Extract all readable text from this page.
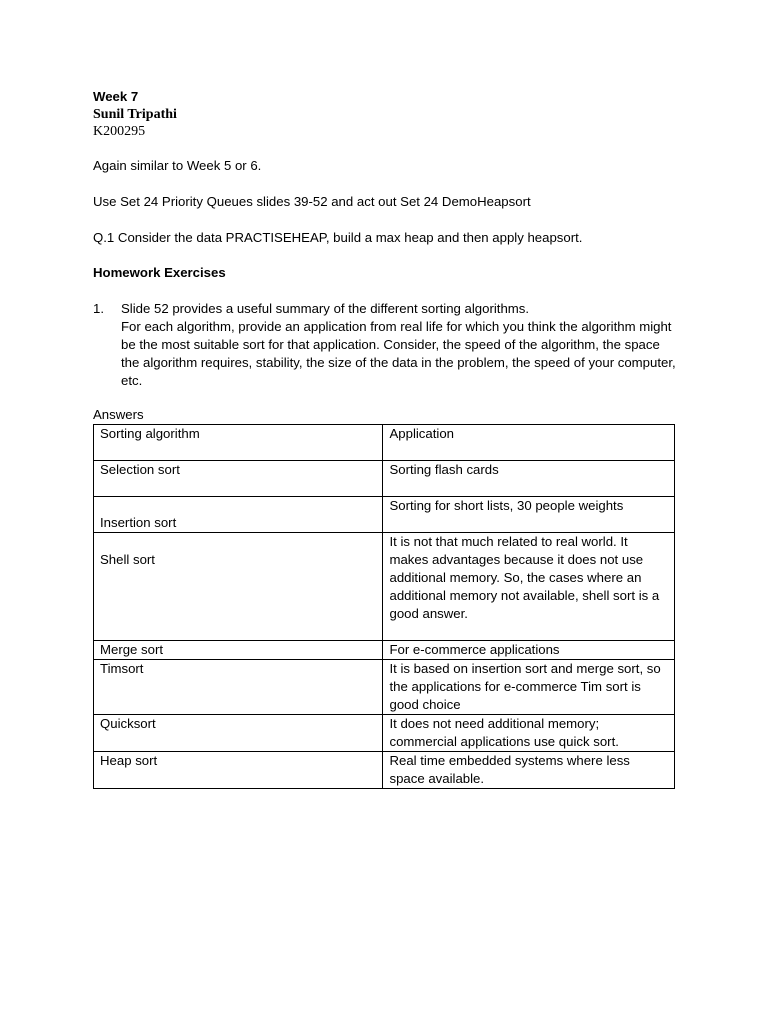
Week 7
Sunil Tripathi
K200295
Again similar to Week 5 or 6.
Use Set 24 Priority Queues slides 39-52 and act out Set 24 DemoHeapsort
Q.1 Consider the data PRACTISEHEAP, build a max heap and then apply heapsort.
Homework Exercises
1. Slide 52 provides a useful summary of the different sorting algorithms.
For each algorithm, provide an application from real life for which you think the algorithm might be the most suitable sort for that application. Consider, the speed of the algorithm, the space the algorithm requires, stability, the size of the data in the problem, the speed of your computer, etc.
Answers
Sorting algorithm	Application
Selection sort	Sorting flash cards
Insertion sort	Sorting for short lists, 30 people weights
Shell sort	It is not that much related to real world. It makes advantages because it does not use additional memory. So, the cases where an additional memory not available, shell sort is a good answer.
Merge sort	For e-commerce applications
Timsort	It is based on insertion sort and merge sort, so the applications for e-commerce Tim sort is good choice
Quicksort	It does not need additional memory; commercial applications use quick sort.
Heap sort	Real time embedded systems where less space available.
